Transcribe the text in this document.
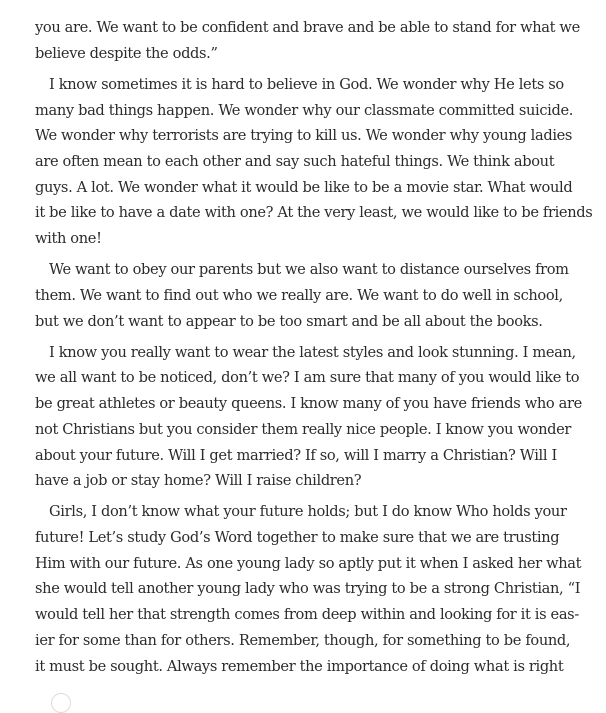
you are. We want to be confident and brave and be able to stand for what we
believe despite the odds.”
I know sometimes it is hard to believe in God. We wonder why He lets so
many bad things happen. We wonder why our classmate committed suicide.
We wonder why terrorists are trying to kill us. We wonder why young ladies
are often mean to each other and say such hateful things. We think about
guys. A lot. We wonder what it would be like to be a movie star. What would
it be like to have a date with one? At the very least, we would like to be friends
with one!
We want to obey our parents but we also want to distance ourselves from
them. We want to find out who we really are. We want to do well in school,
but we don’t want to appear to be too smart and be all about the books.
I know you really want to wear the latest styles and look stunning. I mean,
we all want to be noticed, don’t we? I am sure that many of you would like to
be great athletes or beauty queens. I know many of you have friends who are
not Christians but you consider them really nice people. I know you wonder
about your future. Will I get married? If so, will I marry a Christian? Will I
have a job or stay home? Will I raise children?
Girls, I don’t know what your future holds; but I do know Who holds your
future! Let’s study God’s Word together to make sure that we are trusting
Him with our future. As one young lady so aptly put it when I asked her what
she would tell another young lady who was trying to be a strong Christian, “I
would tell her that strength comes from deep within and looking for it is eas-
ier for some than for others. Remember, though, for something to be found,
it must be sought. Always remember the importance of doing what is right
